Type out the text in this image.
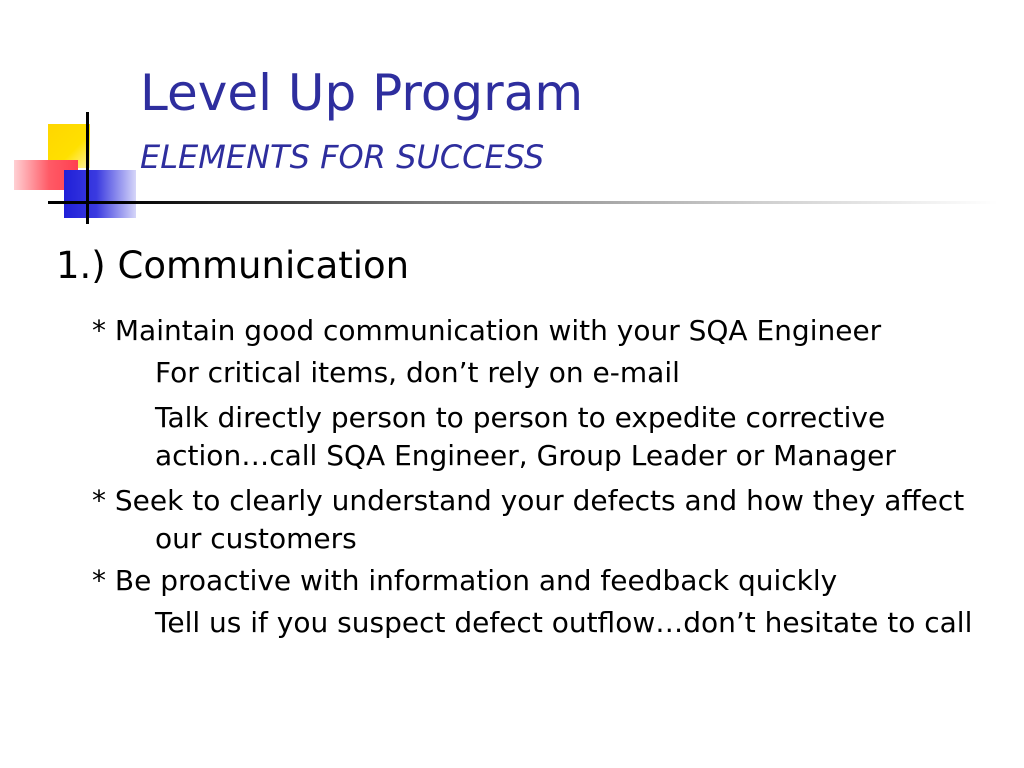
Level Up Program
ELEMENTS FOR SUCCESS
1.) Communication
* Maintain good communication with your SQA Engineer
For critical items, don’t rely on e-mail
Talk directly person to person to expedite corrective action…call SQA Engineer, Group Leader or Manager
* Seek to clearly understand your defects and how they affect our customers
* Be proactive with information and feedback quickly
Tell us if you suspect defect outflow…don’t hesitate to call
